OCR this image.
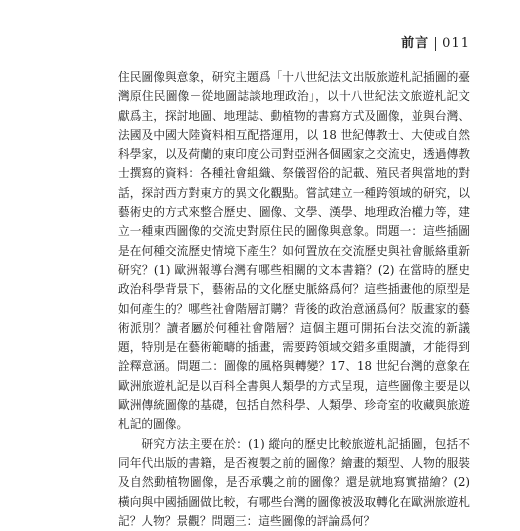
前言 011

住民圖像與意象，研究主題爲「十八世紀法文出版旅遊札記插圖的臺灣原住民圖像－從地圖誌談地理政治」，以十八世紀法文旅遊札記文獻爲主，探討地圖、地理誌、動植物的書寫方式及圖像，並與台灣、法國及中國大陸資料相互配搭運用，以 18 世紀傳教士、大使或自然科學家，以及荷蘭的東印度公司對亞洲各個國家之交流史，透過傳教士撰寫的資料：各種社會組織、祭儀習俗的記載、殖民者與當地的對話，探討西方對東方的異文化觀點。嘗試建立一種跨領域的研究，以藝術史的方式來整合歷史、圖像、文學、漢學、地理政治權力等，建立一種東西圖像的交流史對原住民的圖像與意象。問題一：這些插圖是在何種交流歷史情境下產生？如何置放在交流歷史與社會脈絡重新研究？(1) 歐洲報導台灣有哪些相關的文本書籍？(2) 在當時的歷史政治科學背景下，藝術品的文化歷史脈絡爲何？這些插畫他的原型是如何產生的？哪些社會階層訂購？背後的政治意涵爲何？版畫家的藝術派別？讀者屬於何種社會階層？這個主題可開拓台法交流的新議題，特別是在藝術範疇的插畫，需要跨領域交錯多重閱讀，才能得到詮釋意涵。問題二：圖像的風格與轉變？17、18 世紀台灣的意象在歐洲旅遊札記是以百科全書與人類學的方式呈現，這些圖像主要是以歐洲傳統圖像的基礎，包括自然科學、人類學、珍奇室的收藏與旅遊札記的圖像。

研究方法主要在於：(1) 縱向的歷史比較旅遊札記插圖，包括不同年代出版的書籍，是否複製之前的圖像？繪畫的類型、人物的服裝及自然動植物圖像，是否承襲之前的圖像？還是就地寫實描繪？(2) 橫向與中國插圖做比較，有哪些台灣的圖像被汲取轉化在歐洲旅遊札記？人物？景觀？問題三：這些圖像的評論爲何？
